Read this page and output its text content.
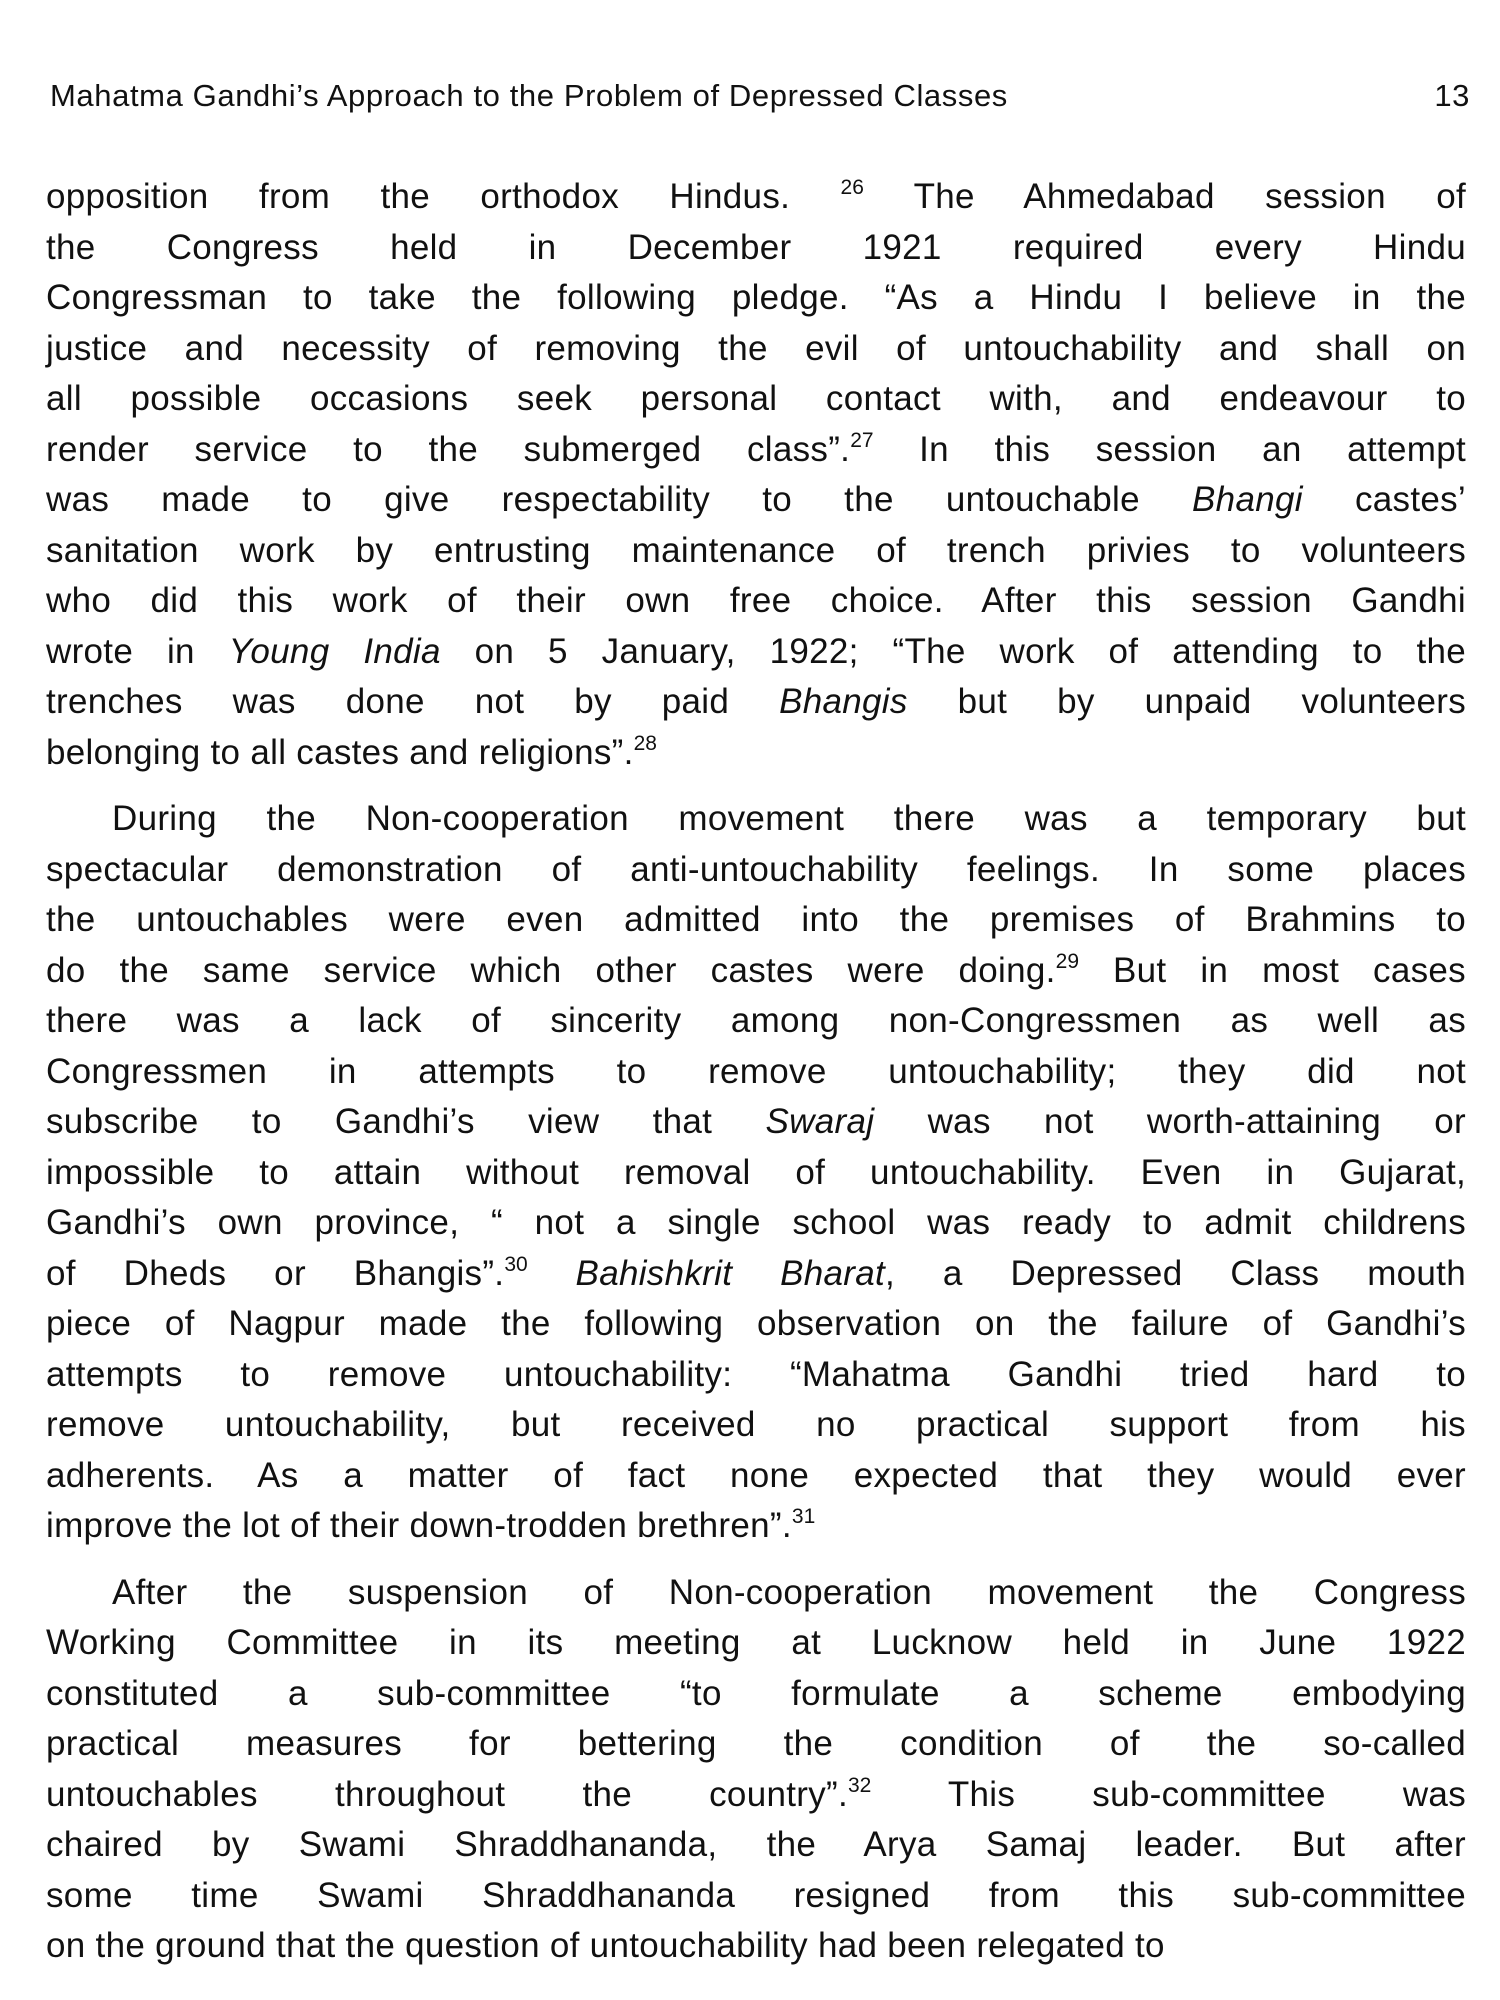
Mahatma Gandhi’s Approach to the Problem of Depressed Classes	13
opposition from the orthodox Hindus. $^{26}$ The Ahmedabad session of
the Congress held in December 1921 required every Hindu
Congressman to take the following pledge. “As a Hindu I believe in the
justice and necessity of removing the evil of untouchability and shall on
all possible occasions seek personal contact with, and endeavour to
render service to the submerged class”.$^{27}$ In this session an attempt
was made to give respectability to the untouchable Bhangi castes’
sanitation work by entrusting maintenance of trench privies to volunteers
who did this work of their own free choice. After this session Gandhi
wrote in Young India on 5 January, 1922; “The work of attending to the
trenches was done not by paid Bhangis but by unpaid volunteers
belonging to all castes and religions”.$^{28}$
During the Non-cooperation movement there was a temporary but
spectacular demonstration of anti-untouchability feelings. In some places
the untouchables were even admitted into the premises of Brahmins to
do the same service which other castes were doing.$^{29}$ But in most cases
there was a lack of sincerity among non-Congressmen as well as
Congressmen in attempts to remove untouchability; they did not
subscribe to Gandhi’s view that Swaraj was not worth-attaining or
impossible to attain without removal of untouchability. Even in Gujarat,
Gandhi’s own province, “ not a single school was ready to admit childrens
of Dheds or Bhangis”.$^{30}$ Bahishkrit Bharat, a Depressed Class mouth
piece of Nagpur made the following observation on the failure of Gandhi’s
attempts to remove untouchability: “Mahatma Gandhi tried hard to
remove untouchability, but received no practical support from his
adherents. As a matter of fact none expected that they would ever
improve the lot of their down-trodden brethren”.$^{31}$
After the suspension of Non-cooperation movement the Congress
Working Committee in its meeting at Lucknow held in June 1922
constituted a sub-committee “to formulate a scheme embodying
practical measures for bettering the condition of the so-called
untouchables throughout the country”.$^{32}$ This sub-committee was
chaired by Swami Shraddhananda, the Arya Samaj leader. But after
some time Swami Shraddhananda resigned from this sub-committee
on the ground that the question of untouchability had been relegated to
